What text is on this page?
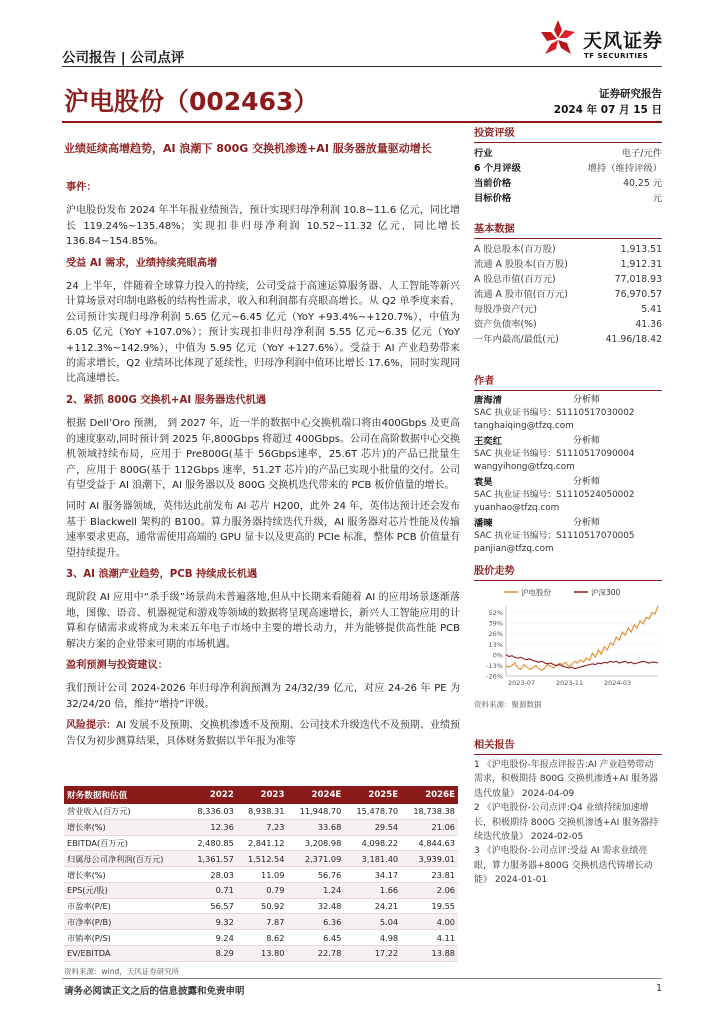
公司报告 | 公司点评
天风证券
TF SECURITIES
沪电股份（002463）	证券研究报告
2024 年 07 月 15 日
业绩延续高增趋势，AI 浪潮下 800G 交换机渗透+AI 服务器放量驱动增长
事件：

沪电股份发布 2024 年半年报业绩预告，预计实现归母净利润 10.8~11.6 亿元，同比增长 119.24%~135.48%；实现扣非归母净利润 10.52~11.32 亿元，同比增长 136.84~154.85%。

受益 AI 需求，业绩持续亮眼高增

24 上半年，伴随着全球算力投入的持续，公司受益于高速运算服务器、人工智能等新兴计算场景对印制电路板的结构性需求，收入和利润都有亮眼高增长。从 Q2 单季度来看，公司预计实现归母净利润 5.65 亿元~6.45 亿元（YoY +93.4%~+120.7%），中值为 6.05 亿元（YoY +107.0%）；预计实现扣非归母净利润 5.55 亿元~6.35 亿元（YoY +112.3%~142.9%），中值为 5.95 亿元（YoY +127.6%）。受益于 AI 产业趋势带来的需求增长，Q2 业绩环比体现了延续性，归母净利润中值环比增长 17.6%，同时实现同比高速增长。

2、紧抓 800G 交换机+AI 服务器迭代机遇

根据 Dell’Oro 预测， 到 2027 年，近一半的数据中心交换机端口将由400Gbps 及更高的速度驱动,同时预计到 2025 年,800Gbps 将超过 400Gbps。公司在高阶数据中心交换机领域持续布局，应用于 Pre800G(基于 56Gbps速率，25.6T 芯片)的产品已批量生产，应用于 800G(基于 112Gbps 速率，51.2T 芯片)的产品已实现小批量的交付。公司有望受益于 AI 浪潮下，AI 服务器以及 800G 交换机迭代带来的 PCB 板价值量的增长。

同时 AI 服务器领域，英伟达此前发布 AI 芯片 H200，此外 24 年，英伟达预计还会发布基于 Blackwell 架构的 B100。算力服务器持续迭代升级，AI 服务器对芯片性能及传输速率要求更高，通常需使用高端的 GPU 显卡以及更高的 PCIe 标准，整体 PCB 价值量有望持续提升。

3、AI 浪潮产业趋势，PCB 持续成长机遇

现阶段 AI 应用中“杀手级”场景尚未普遍落地,但从中长期来看随着 AI 的应用场景逐渐落地，图像、语音、机器视觉和游戏等领域的数据将呈现高速增长，新兴人工智能应用的计算和存储需求或将成为未来五年电子市场中主要的增长动力，并为能够提供高性能 PCB 解决方案的企业带来可期的市场机遇。

盈利预测与投资建议：

我们预计公司 2024-2026 年归母净利润预测为 24/32/39 亿元，对应 24-26 年 PE 为 32/24/20 倍，维持“增持”评级。

风险提示：AI 发展不及预期、交换机渗透不及预期、公司技术升级迭代不及预期、业绩预告仅为初步测算结果，具体财务数据以半年报为准等

财务数据和估值	2022	2023	2024E	2025E	2026E
营业收入(百万元)	8,336.03	8,938.31	11,948.70	15,478.70	18,738.38
增长率(%)	12.36	7.23	33.68	29.54	21.06
EBITDA(百万元)	2,480.85	2,841.12	3,208.98	4,098.22	4,844.63
归属母公司净利润(百万元)	1,361.57	1,512.54	2,371.09	3,181.40	3,939.01
增长率(%)	28.03	11.09	56.76	34.17	23.81
EPS(元/股)	0.71	0.79	1.24	1.66	2.06
市盈率(P/E)	56.57	50.92	32.48	24.21	19.55
市净率(P/B)	9.32	7.87	6.36	5.04	4.00
市销率(P/S)	9.24	8.62	6.45	4.98	4.11
EV/EBITDA	8.29	13.80	22.78	17.22	13.88
资料来源：wind，天风证券研究所
投资评级
行业	电子/元件
6 个月评级	增持（维持评级）
当前价格	40.25 元
目标价格	元
基本数据
A 股总股本(百万股)	1,913.51
流通 A 股股本(百万股)	1,912.31
A 股总市值(百万元)	77,018.93
流通 A 股市值(百万元)	76,970.57
每股净资产(元)	5.41
资产负债率(%)	41.36
一年内最高/最低(元)	41.96/18.42
作者
唐海清	分析师
SAC 执业证书编号：S1110517030002
tanghaiqing@tfzq.com
王奕红	分析师
SAC 执业证书编号：S1110517090004
wangyihong@tfzq.com
袁昊	分析师
SAC 执业证书编号：S1110524050002
yuanhao@tfzq.com
潘暕	分析师
SAC 执业证书编号：S1110517070005
panjian@tfzq.com
股价走势
沪电股份	沪深300
52%
39%
26%
13%
0%
-13%
-26%
2023-07	2023-11	2024-03
资料来源：聚源数据
相关报告

1 《沪电股份-年报点评报告:AI 产业趋势带动需求，积极期待 800G 交换机渗透+AI 服务器迭代放量》 2024-04-09

2 《沪电股份-公司点评:Q4 业绩持续加速增长，积极期待 800G 交换机渗透+AI 服务器持续迭代放量》 2024-02-05

3 《沪电股份-公司点评:受益 AI 需求业绩亮眼，算力服务器+800G 交换机迭代铸增长动能》 2024-01-01

请务必阅读正文之后的信息披露和免责申明	1
